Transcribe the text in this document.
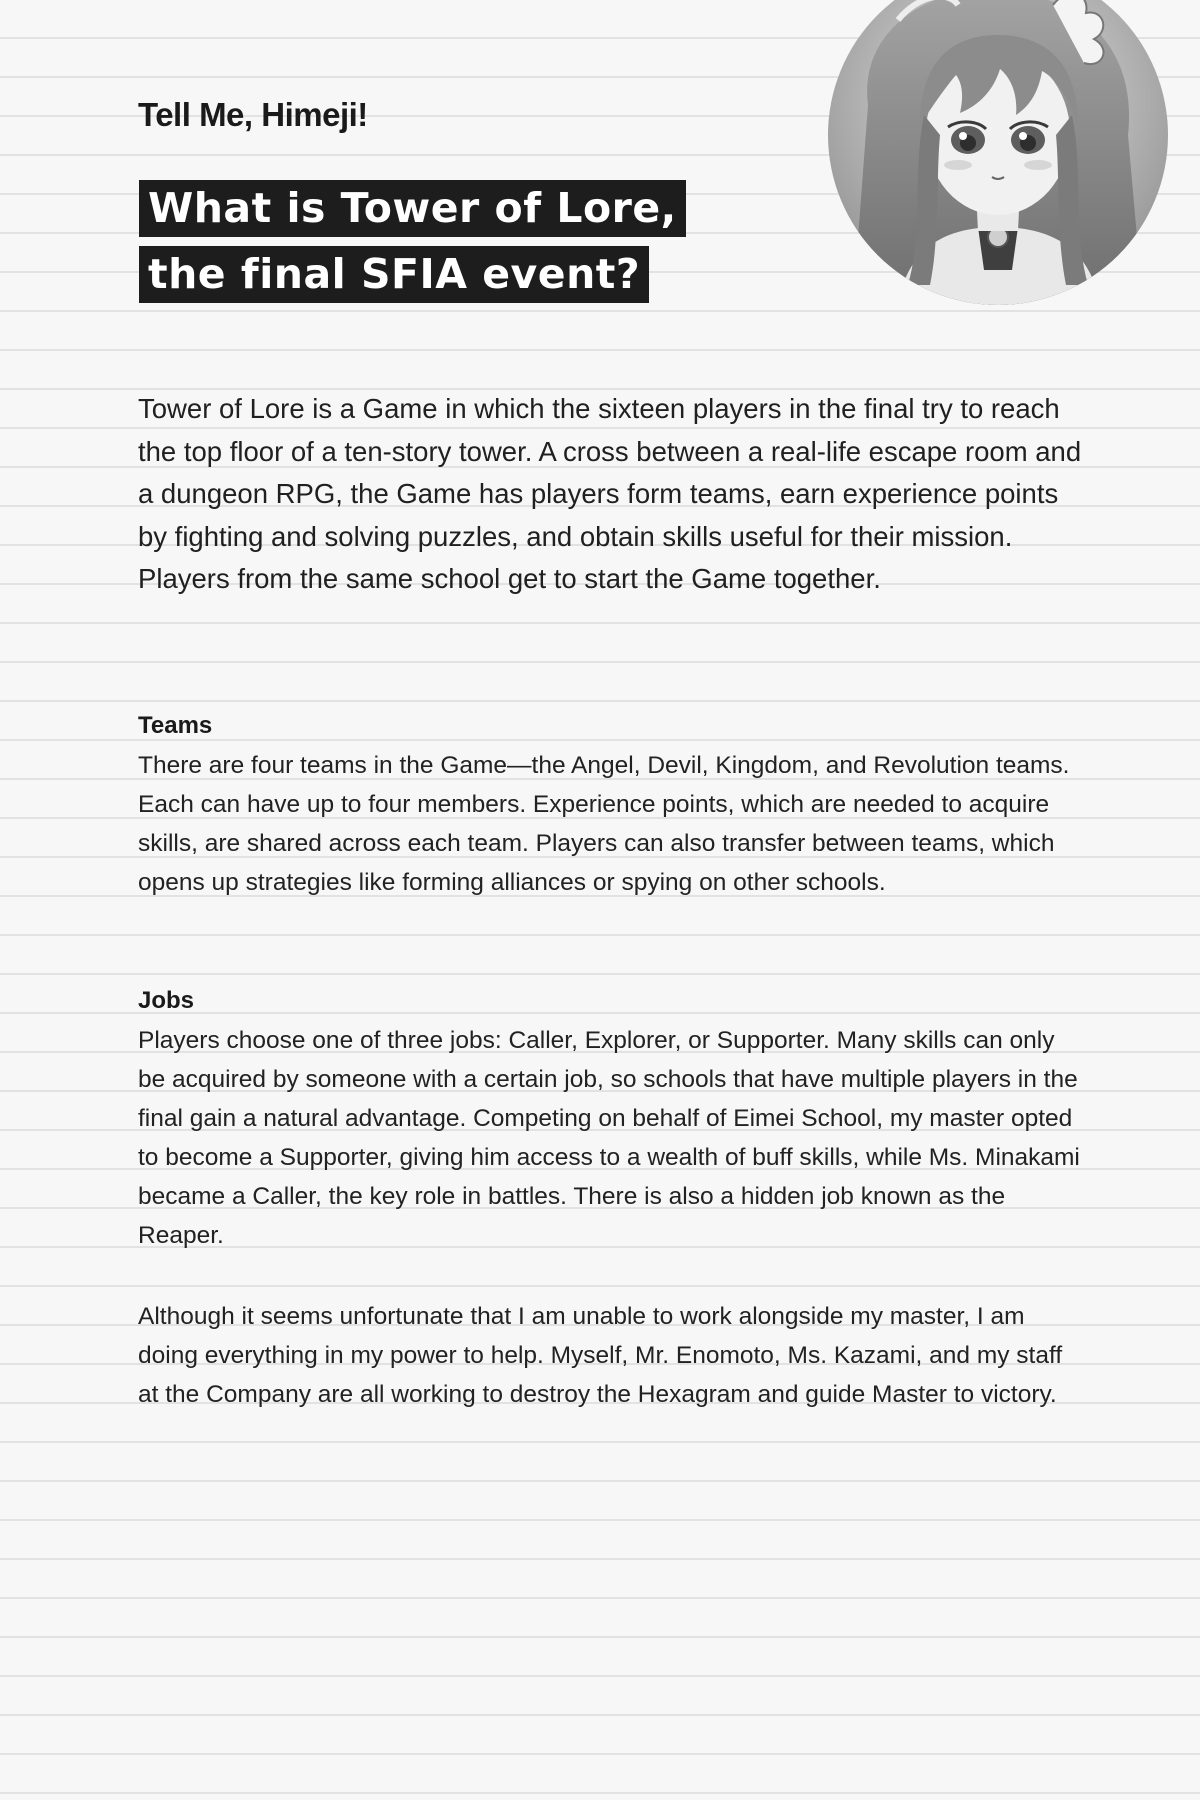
Tell Me, Himeji!
What is Tower of Lore,
the final SFIA event?

Tower of Lore is a Game in which the sixteen players in the final try to reach the top floor of a ten-story tower. A cross between a real-life escape room and a dungeon RPG, the Game has players form teams, earn experience points by fighting and solving puzzles, and obtain skills useful for their mission. Players from the same school get to start the Game together.

Teams

There are four teams in the Game—the Angel, Devil, Kingdom, and Revolution teams. Each can have up to four members. Experience points, which are needed to acquire skills, are shared across each team. Players can also transfer between teams, which opens up strategies like forming alliances or spying on other schools.

Jobs

Players choose one of three jobs: Caller, Explorer, or Supporter. Many skills can only be acquired by someone with a certain job, so schools that have multiple players in the final gain a natural advantage. Competing on behalf of Eimei School, my master opted to become a Supporter, giving him access to a wealth of buff skills, while Ms. Minakami became a Caller, the key role in battles. There is also a hidden job known as the Reaper.

Although it seems unfortunate that I am unable to work alongside my master, I am doing everything in my power to help. Myself, Mr. Enomoto, Ms. Kazami, and my staff at the Company are all working to destroy the Hexagram and guide Master to victory.
